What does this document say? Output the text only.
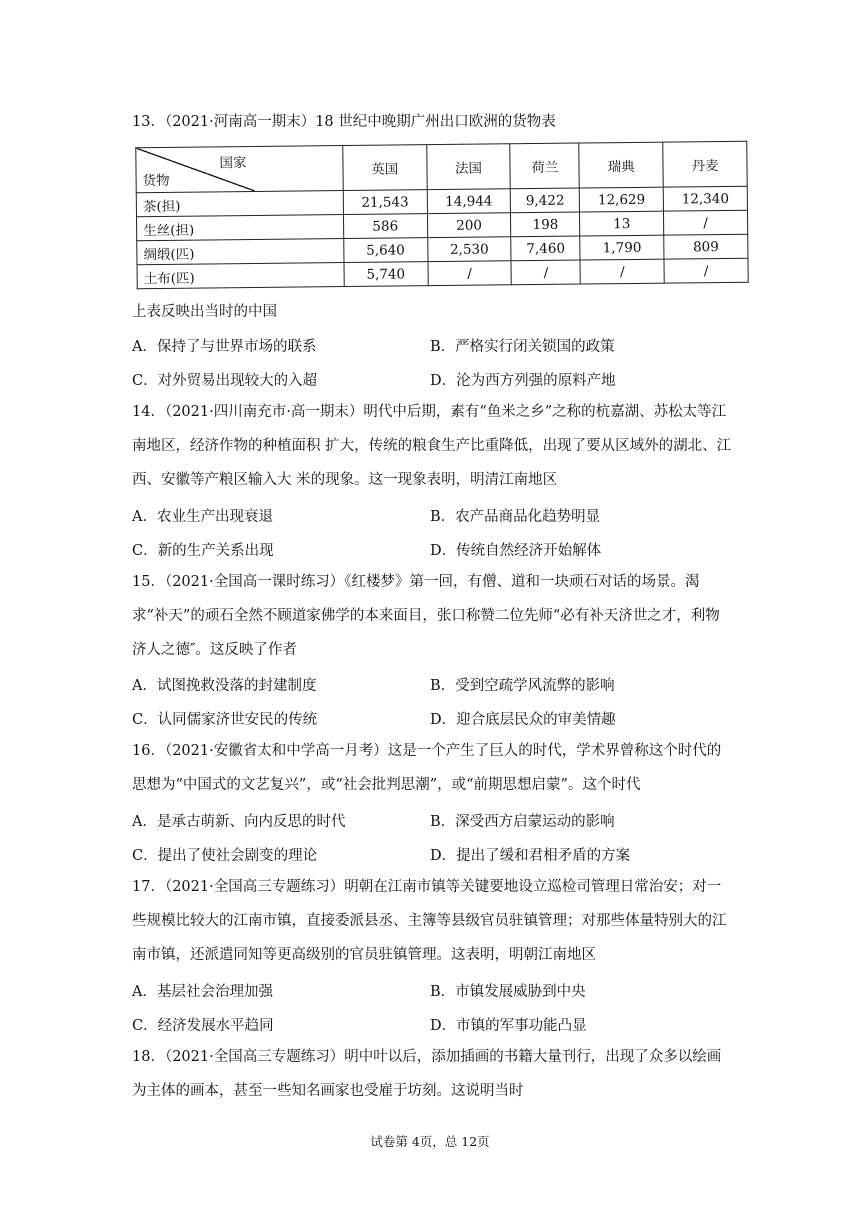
13．（2021·河南高一期末）18 世纪中晚期广州出口欧洲的货物表
国家
货物	英国	法国	荷兰	瑞典	丹麦
茶(担)	21,543	14,944	9,422	12,629	12,340
生丝(担)	586	200	198	13	/
绸缎(匹)	5,640	2,530	7,460	1,790	809
土布(匹)	5,740	/	/	/	/
上表反映出当时的中国
A．保持了与世界市场的联系	B．严格实行闭关锁国的政策
C．对外贸易出现较大的入超	D．沦为西方列强的原料产地
14．（2021·四川南充市·高一期末）明代中后期，素有“鱼米之乡”之称的杭嘉湖、苏松太等江南地区，经济作物的种植面积 扩大，传统的粮食生产比重降低，出现了要从区域外的湖北、江西、安徽等产粮区输入大 米的现象。这一现象表明，明清江南地区
A．农业生产出现衰退	B．农产品商品化趋势明显
C．新的生产关系出现	D．传统自然经济开始解体
15．（2021·全国高一课时练习）《红楼梦》第一回，有僧、道和一块顽石对话的场景。渴求“补天”的顽石全然不顾道家佛学的本来面目，张口称赞二位先师“必有补天济世之才，利物济人之德″。这反映了作者
A．试图挽救没落的封建制度	B．受到空疏学风流弊的影响
C．认同儒家济世安民的传统	D．迎合底层民众的审美情趣
16．（2021·安徽省太和中学高一月考）这是一个产生了巨人的时代，学术界曾称这个时代的思想为“中国式的文艺复兴”，或“社会批判思潮”，或“前期思想启蒙”。这个时代
A．是承古萌新、向内反思的时代	B．深受西方启蒙运动的影响
C．提出了使社会剧变的理论	D．提出了缓和君相矛盾的方案
17．（2021·全国高三专题练习）明朝在江南市镇等关键要地设立巡检司管理日常治安；对一些规模比较大的江南市镇，直接委派县丞、主簿等县级官员驻镇管理；对那些体量特别大的江南市镇，还派遣同知等更高级别的官员驻镇管理。这表明，明朝江南地区
A．基层社会治理加强	B．市镇发展威胁到中央
C．经济发展水平趋同	D．市镇的军事功能凸显
18．（2021·全国高三专题练习）明中叶以后，添加插画的书籍大量刊行，出现了众多以绘画为主体的画本，甚至一些知名画家也受雇于坊刻。这说明当时
试卷第 4页，总 12页
